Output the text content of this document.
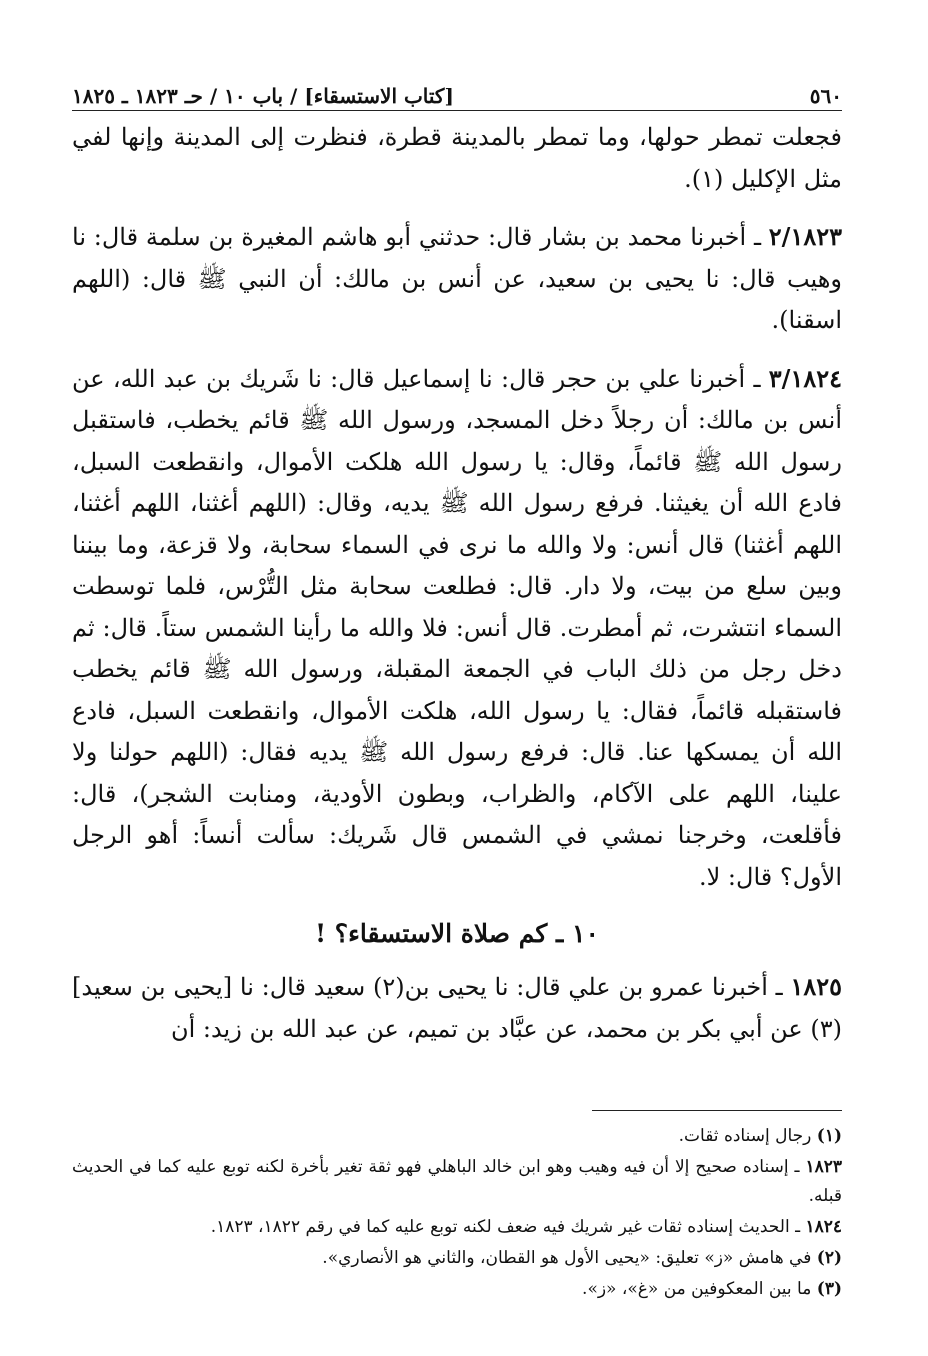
٥٦٠
[كتاب الاستسقاء] / باب ١٠ / حـ ١٨٢٣ ـ ١٨٢٥

فجعلت تمطر حولها، وما تمطر بالمدينة قطرة، فنظرت إلى المدينة وإنها لفي مثل الإكليل (١).

٢/١٨٢٣ ـ أخبرنا محمد بن بشار قال: حدثني أبو هاشم المغيرة بن سلمة قال: نا وهيب قال: نا يحيى بن سعيد، عن أنس بن مالك: أن النبي ﷺ قال: (اللهم اسقنا).

٣/١٨٢٤ ـ أخبرنا علي بن حجر قال: نا إسماعيل قال: نا شَريك بن عبد الله، عن أنس بن مالك: أن رجلاً دخل المسجد، ورسول الله ﷺ قائم يخطب، فاستقبل رسول الله ﷺ قائماً، وقال: يا رسول الله هلكت الأموال، وانقطعت السبل، فادع الله أن يغيثنا. فرفع رسول الله ﷺ يديه، وقال: (اللهم أغثنا، اللهم أغثنا، اللهم أغثنا) قال أنس: ولا والله ما نرى في السماء سحابة، ولا قزعة، وما بيننا وبين سلع من بيت، ولا دار. قال: فطلعت سحابة مثل التُّرْس، فلما توسطت السماء انتشرت، ثم أمطرت. قال أنس: فلا والله ما رأينا الشمس ستاً. قال: ثم دخل رجل من ذلك الباب في الجمعة المقبلة، ورسول الله ﷺ قائم يخطب فاستقبله قائماً، فقال: يا رسول الله، هلكت الأموال، وانقطعت السبل، فادع الله أن يمسكها عنا. قال: فرفع رسول الله ﷺ يديه فقال: (اللهم حولنا ولا علينا، اللهم على الآكام، والظراب، وبطون الأودية، ومنابت الشجر)، قال: فأقلعت، وخرجنا نمشي في الشمس قال شَريك: سألت أنساً: أهو الرجل الأول؟ قال: لا.

١٠ ـ كم صلاة الاستسقاء؟ !

١٨٢٥ ـ أخبرنا عمرو بن علي قال: نا يحيى بن(٢) سعيد قال: نا [يحيى بن سعيد](٣) عن أبي بكر بن محمد، عن عبَّاد بن تميم، عن عبد الله بن زيد: أن

(١) رجال إسناده ثقات.

١٨٢٣ ـ إسناده صحيح إلا أن فيه وهيب وهو ابن خالد الباهلي فهو ثقة تغير بأخرة لكنه توبع عليه كما في الحديث قبله.

١٨٢٤ ـ الحديث إسناده ثقات غير شريك فيه ضعف لكنه توبع عليه كما في رقم ١٨٢٢، ١٨٢٣.

(٢) في هامش «ز» تعليق: «يحيى الأول هو القطان، والثاني هو الأنصاري».

(٣) ما بين المعكوفين من «غ»، «ز».
